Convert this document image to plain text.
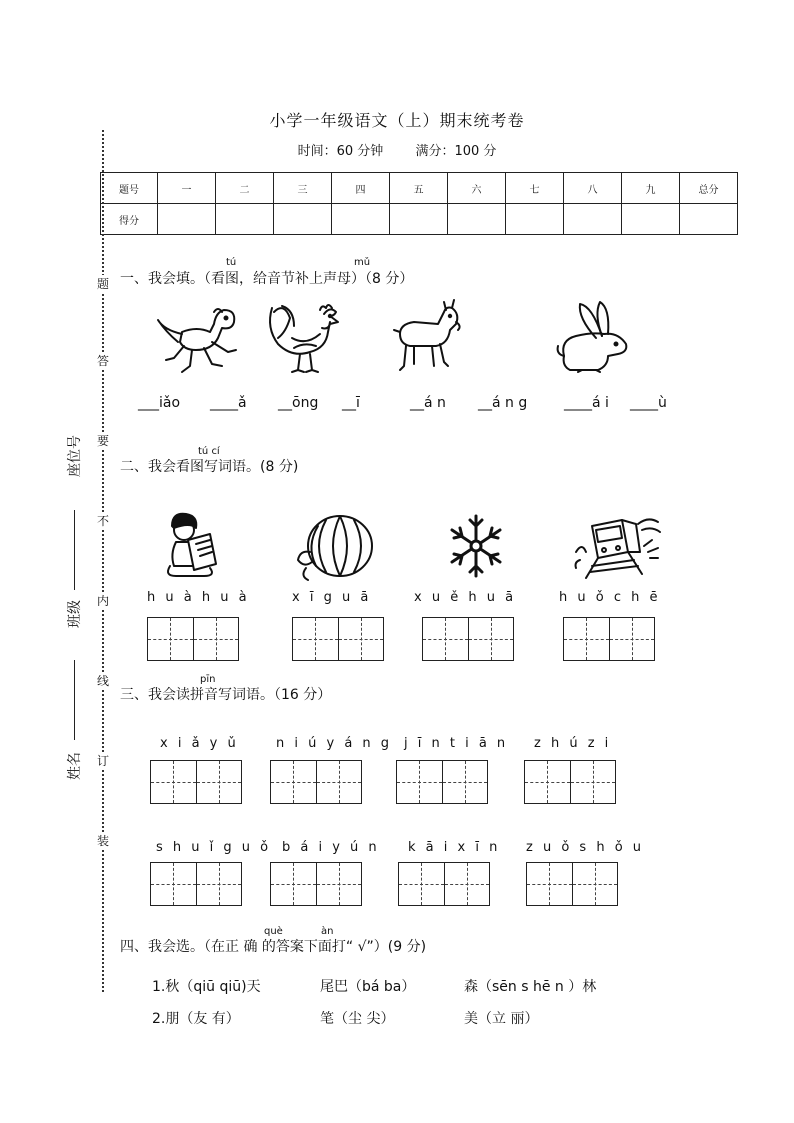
小学一年级语文（上）期末统考卷
时间：60 分钟 满分：100 分
题号	一	二	三	四	五	六	七	八	九	总分
得分										
题
答
要
不
内
线
订
装
座位号
班级
姓名
tú	mǔ
一、我会填。（看图，给音节补上声母）（8 分）
___iǎo ____ǎ __ōng __ī	__á n __á n g	____á i ____ù
tú cí
二、我会看图写词语。(8 分)
h u à h u à	x ī g u ā	x u ě h u ā	h u ǒ c h ē
pīn
三、我会读拼音写词语。（16 分）
x i ǎ y ǔ	n i ú y á n g j ī n t i ā n z h ú z i
s h u ǐ g u ǒ b á i y ú n k ā i x ī n z u ǒ s h ǒ u
què	àn
四、我会选。（在正 确 的答案下面打“ √”）(9 分)
1.秋（qiū qiū)天	尾巴（bá ba）	森（sēn s hē n ）林
2.朋（友 有）	笔（尘 尖）	美（立 丽）
